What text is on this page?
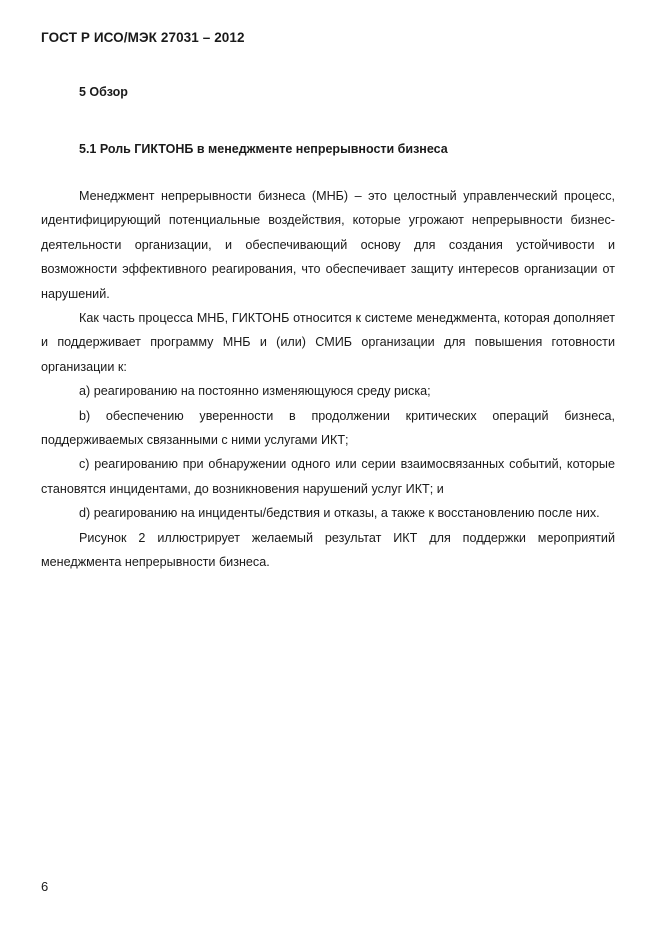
ГОСТ Р ИСО/МЭК 27031 – 2012
5 Обзор
5.1 Роль ГИКТОНБ в менеджменте непрерывности бизнеса

Менеджмент непрерывности бизнеса (МНБ) – это целостный управленческий процесс, идентифицирующий потенциальные воздействия, которые угрожают непрерывности бизнес-деятельности организации, и обеспечивающий основу для создания устойчивости и возможности эффективного реагирования, что обеспечивает защиту интересов организации от нарушений.

Как часть процесса МНБ, ГИКТОНБ относится к системе менеджмента, которая дополняет и поддерживает программу МНБ и (или) СМИБ организации для повышения готовности организации к:

a) реагированию на постоянно изменяющуюся среду риска;

b) обеспечению уверенности в продолжении критических операций бизнеса, поддерживаемых связанными с ними услугами ИКТ;

c) реагированию при обнаружении одного или серии взаимосвязанных событий, которые становятся инцидентами, до возникновения нарушений услуг ИКТ; и

d) реагированию на инциденты/бедствия и отказы, а также к восстановлению после них.

Рисунок 2 иллюстрирует желаемый результат ИКТ для поддержки мероприятий менеджмента непрерывности бизнеса.

6
